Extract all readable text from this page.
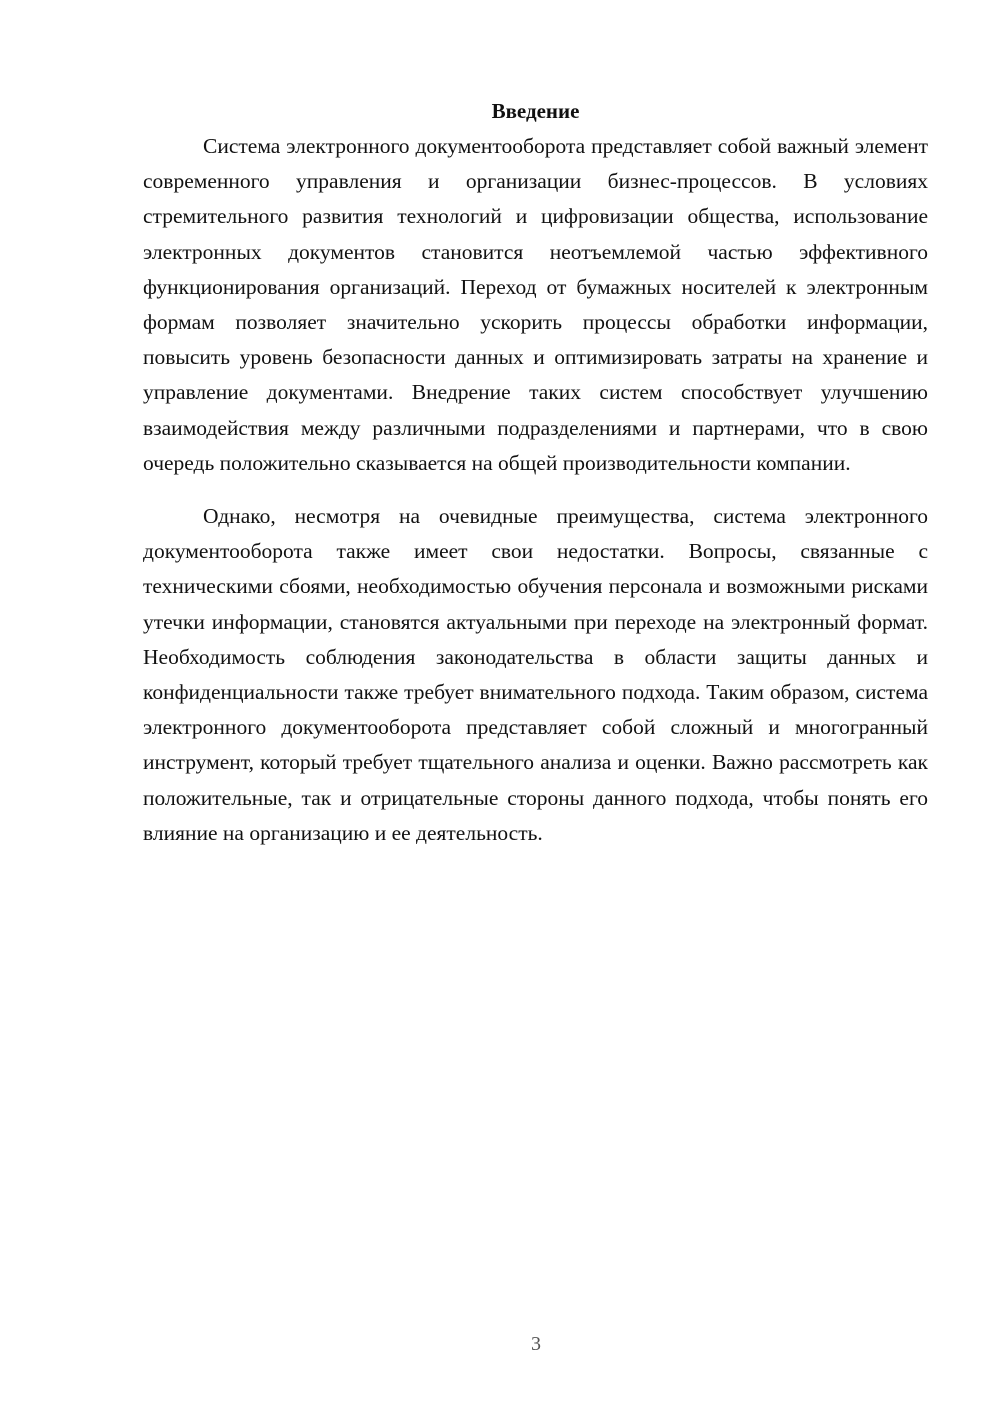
Введение

Система электронного документооборота представляет собой важный элемент современного управления и организации бизнес-процессов. В условиях стремительного развития технологий и цифровизации общества, использование электронных документов становится неотъемлемой частью эффективного функционирования организаций. Переход от бумажных носителей к электронным формам позволяет значительно ускорить процессы обработки информации, повысить уровень безопасности данных и оптимизировать затраты на хранение и управление документами. Внедрение таких систем способствует улучшению взаимодействия между различными подразделениями и партнерами, что в свою очередь положительно сказывается на общей производительности компании.

Однако, несмотря на очевидные преимущества, система электронного документооборота также имеет свои недостатки. Вопросы, связанные с техническими сбоями, необходимостью обучения персонала и возможными рисками утечки информации, становятся актуальными при переходе на электронный формат. Необходимость соблюдения законодательства в области защиты данных и конфиденциальности также требует внимательного подхода. Таким образом, система электронного документооборота представляет собой сложный и многогранный инструмент, который требует тщательного анализа и оценки. Важно рассмотреть как положительные, так и отрицательные стороны данного подхода, чтобы понять его влияние на организацию и ее деятельность.

3
